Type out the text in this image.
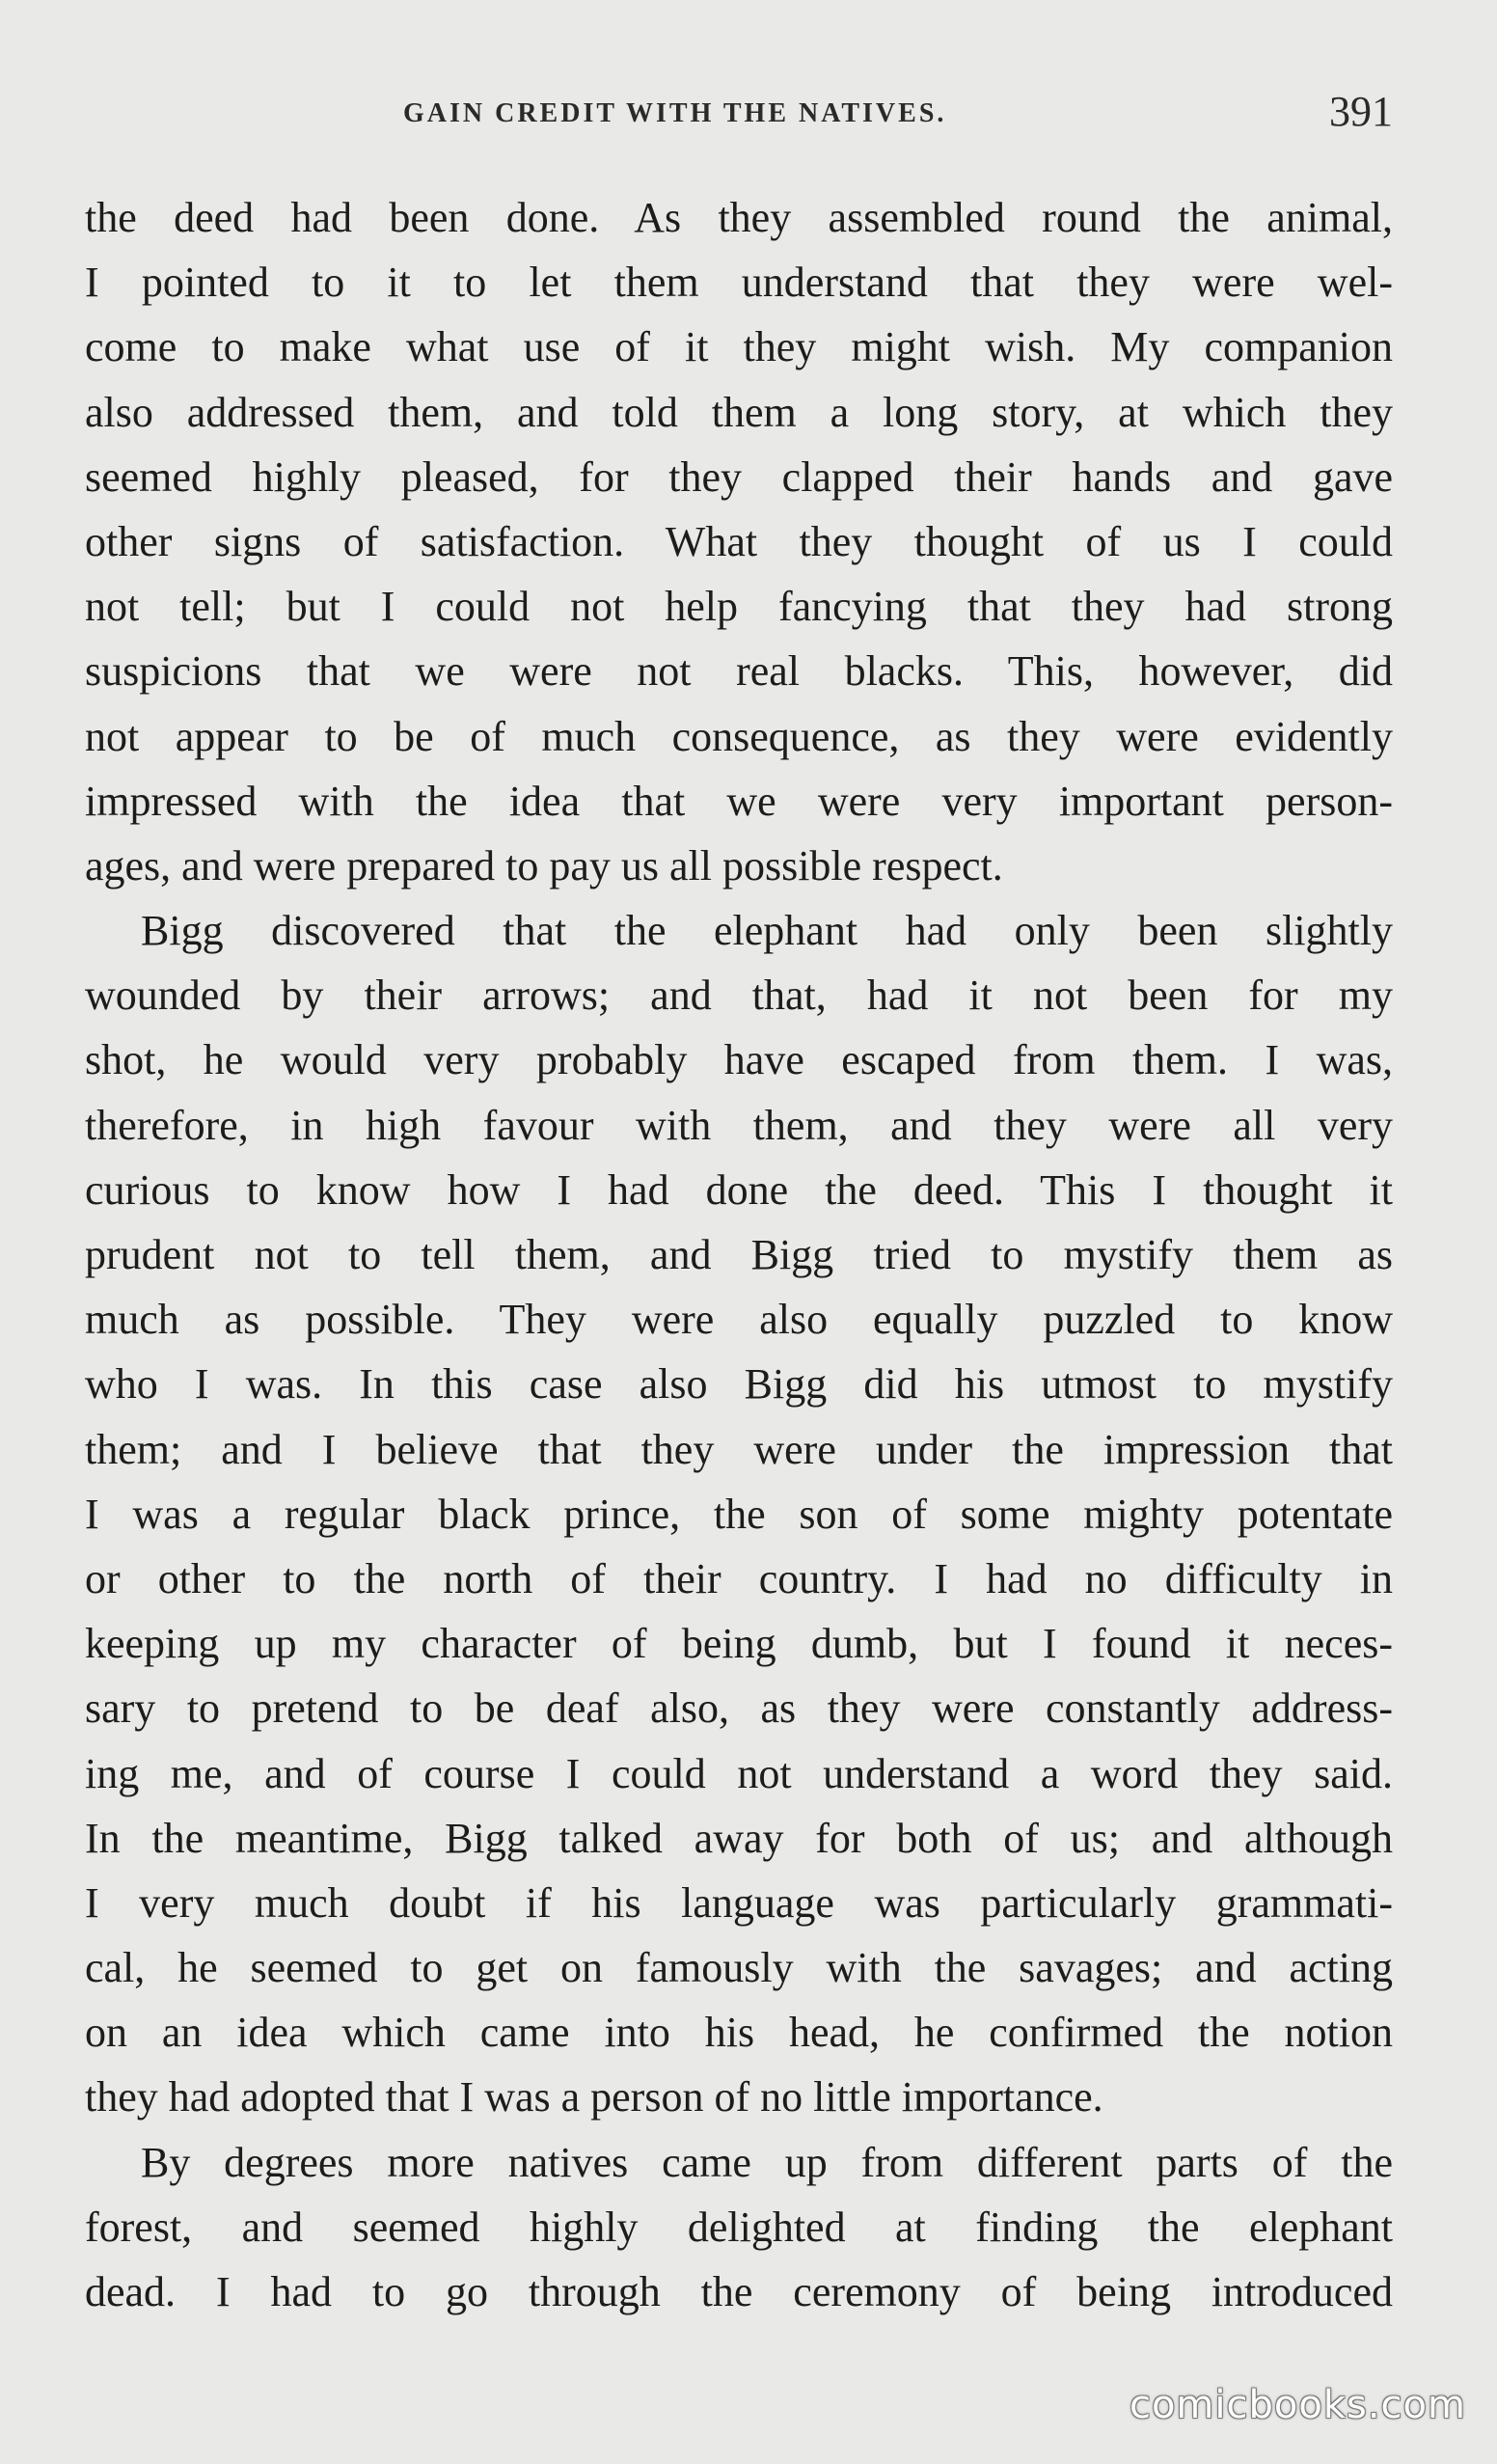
GAIN CREDIT WITH THE NATIVES.	391
the deed had been done. As they assembled round the animal,
I pointed to it to let them understand that they were wel-
come to make what use of it they might wish. My companion
also addressed them, and told them a long story, at which they
seemed highly pleased, for they clapped their hands and gave
other signs of satisfaction. What they thought of us I could
not tell; but I could not help fancying that they had strong
suspicions that we were not real blacks. This, however, did
not appear to be of much consequence, as they were evidently
impressed with the idea that we were very important person-
ages, and were prepared to pay us all possible respect.
Bigg discovered that the elephant had only been slightly
wounded by their arrows; and that, had it not been for my
shot, he would very probably have escaped from them. I was,
therefore, in high favour with them, and they were all very
curious to know how I had done the deed. This I thought it
prudent not to tell them, and Bigg tried to mystify them as
much as possible. They were also equally puzzled to know
who I was. In this case also Bigg did his utmost to mystify
them; and I believe that they were under the impression that
I was a regular black prince, the son of some mighty potentate
or other to the north of their country. I had no difficulty in
keeping up my character of being dumb, but I found it neces-
sary to pretend to be deaf also, as they were constantly address-
ing me, and of course I could not understand a word they said.
In the meantime, Bigg talked away for both of us; and although
I very much doubt if his language was particularly grammati-
cal, he seemed to get on famously with the savages; and acting
on an idea which came into his head, he confirmed the notion
they had adopted that I was a person of no little importance.
By degrees more natives came up from different parts of the
forest, and seemed highly delighted at finding the elephant
dead. I had to go through the ceremony of being introduced
comicbooks.com
